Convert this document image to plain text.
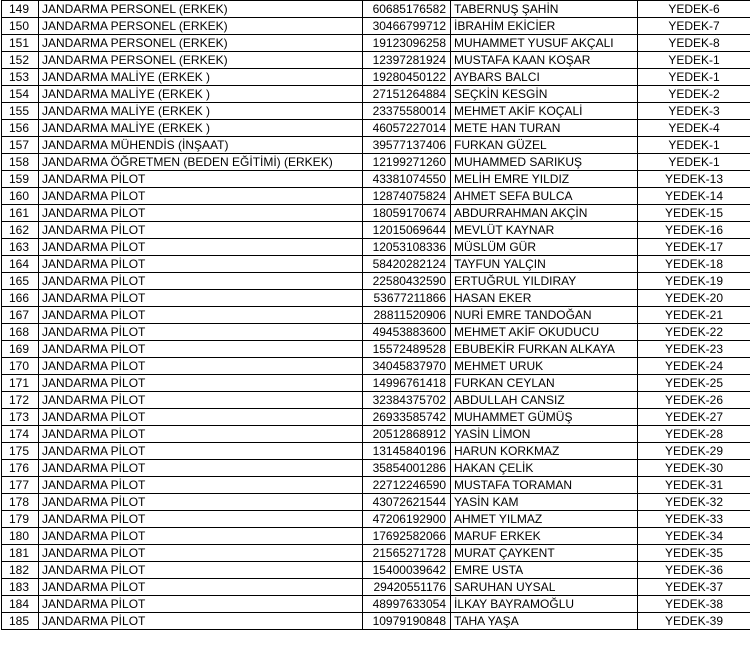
149	JANDARMA PERSONEL (ERKEK)	60685176582	TABERNUŞ ŞAHİN	YEDEK-6
150	JANDARMA PERSONEL (ERKEK)	30466799712	İBRAHİM EKİCİER	YEDEK-7
151	JANDARMA PERSONEL (ERKEK)	19123096258	MUHAMMET YUSUF AKÇALI	YEDEK-8
152	JANDARMA PERSONEL (ERKEK)	12397281924	MUSTAFA KAAN KOŞAR	YEDEK-1
153	JANDARMA MALİYE (ERKEK )	19280450122	AYBARS BALCI	YEDEK-1
154	JANDARMA MALİYE (ERKEK )	27151264884	SEÇKİN KESGİN	YEDEK-2
155	JANDARMA MALİYE (ERKEK )	23375580014	MEHMET AKİF KOÇALİ	YEDEK-3
156	JANDARMA MALİYE (ERKEK )	46057227014	METE HAN TURAN	YEDEK-4
157	JANDARMA MÜHENDİS (İNŞAAT)	39577137406	FURKAN GÜZEL	YEDEK-1
158	JANDARMA ÖĞRETMEN (BEDEN EĞİTİMİ) (ERKEK)	12199271260	MUHAMMED SARIKUŞ	YEDEK-1
159	JANDARMA PİLOT	43381074550	MELİH EMRE YILDIZ	YEDEK-13
160	JANDARMA PİLOT	12874075824	AHMET SEFA BULCA	YEDEK-14
161	JANDARMA PİLOT	18059170674	ABDURRAHMAN AKÇİN	YEDEK-15
162	JANDARMA PİLOT	12015069644	MEVLÜT KAYNAR	YEDEK-16
163	JANDARMA PİLOT	12053108336	MÜSLÜM GÜR	YEDEK-17
164	JANDARMA PİLOT	58420282124	TAYFUN YALÇIN	YEDEK-18
165	JANDARMA PİLOT	22580432590	ERTUĞRUL YILDIRAY	YEDEK-19
166	JANDARMA PİLOT	53677211866	HASAN EKER	YEDEK-20
167	JANDARMA PİLOT	28811520906	NURİ EMRE TANDOĞAN	YEDEK-21
168	JANDARMA PİLOT	49453883600	MEHMET AKİF OKUDUCU	YEDEK-22
169	JANDARMA PİLOT	15572489528	EBUBEKİR FURKAN ALKAYA	YEDEK-23
170	JANDARMA PİLOT	34045837970	MEHMET URUK	YEDEK-24
171	JANDARMA PİLOT	14996761418	FURKAN CEYLAN	YEDEK-25
172	JANDARMA PİLOT	32384375702	ABDULLAH CANSIZ	YEDEK-26
173	JANDARMA PİLOT	26933585742	MUHAMMET GÜMÜŞ	YEDEK-27
174	JANDARMA PİLOT	20512868912	YASİN LİMON	YEDEK-28
175	JANDARMA PİLOT	13145840196	HARUN KORKMAZ	YEDEK-29
176	JANDARMA PİLOT	35854001286	HAKAN ÇELİK	YEDEK-30
177	JANDARMA PİLOT	22712246590	MUSTAFA TORAMAN	YEDEK-31
178	JANDARMA PİLOT	43072621544	YASİN KAM	YEDEK-32
179	JANDARMA PİLOT	47206192900	AHMET YILMAZ	YEDEK-33
180	JANDARMA PİLOT	17692582066	MARUF ERKEK	YEDEK-34
181	JANDARMA PİLOT	21565271728	MURAT ÇAYKENT	YEDEK-35
182	JANDARMA PİLOT	15400039642	EMRE USTA	YEDEK-36
183	JANDARMA PİLOT	29420551176	SARUHAN UYSAL	YEDEK-37
184	JANDARMA PİLOT	48997633054	İLKAY BAYRAMOĞLU	YEDEK-38
185	JANDARMA PİLOT	10979190848	TAHA YAŞA	YEDEK-39
